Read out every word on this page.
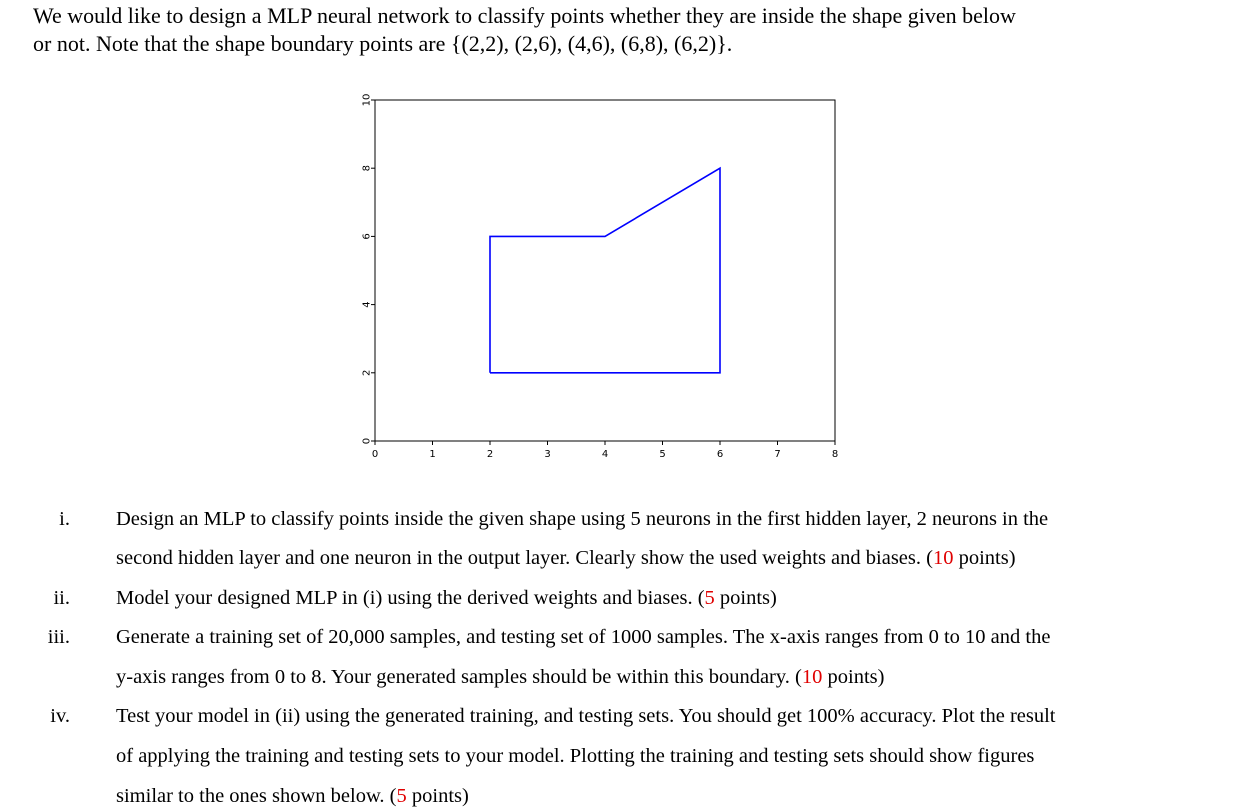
We would like to design a MLP neural network to classify points whether they are inside the shape given below
or not. Note that the shape boundary points are {(2,2), (2,6), (4,6), (6,8), (6,2)}.
0	1	2	3	4	5	6	7	8
0
2
4
6
8
10
i. Design an MLP to classify points inside the given shape using 5 neurons in the first hidden layer, 2 neurons in the
second hidden layer and one neuron in the output layer. Clearly show the used weights and biases. (10 points)
ii. Model your designed MLP in (i) using the derived weights and biases. (5 points)
iii. Generate a training set of 20,000 samples, and testing set of 1000 samples. The x-axis ranges from 0 to 10 and the
y-axis ranges from 0 to 8. Your generated samples should be within this boundary. (10 points)
iv. Test your model in (ii) using the generated training, and testing sets. You should get 100% accuracy. Plot the result
of applying the training and testing sets to your model. Plotting the training and testing sets should show figures
similar to the ones shown below. (5 points)
